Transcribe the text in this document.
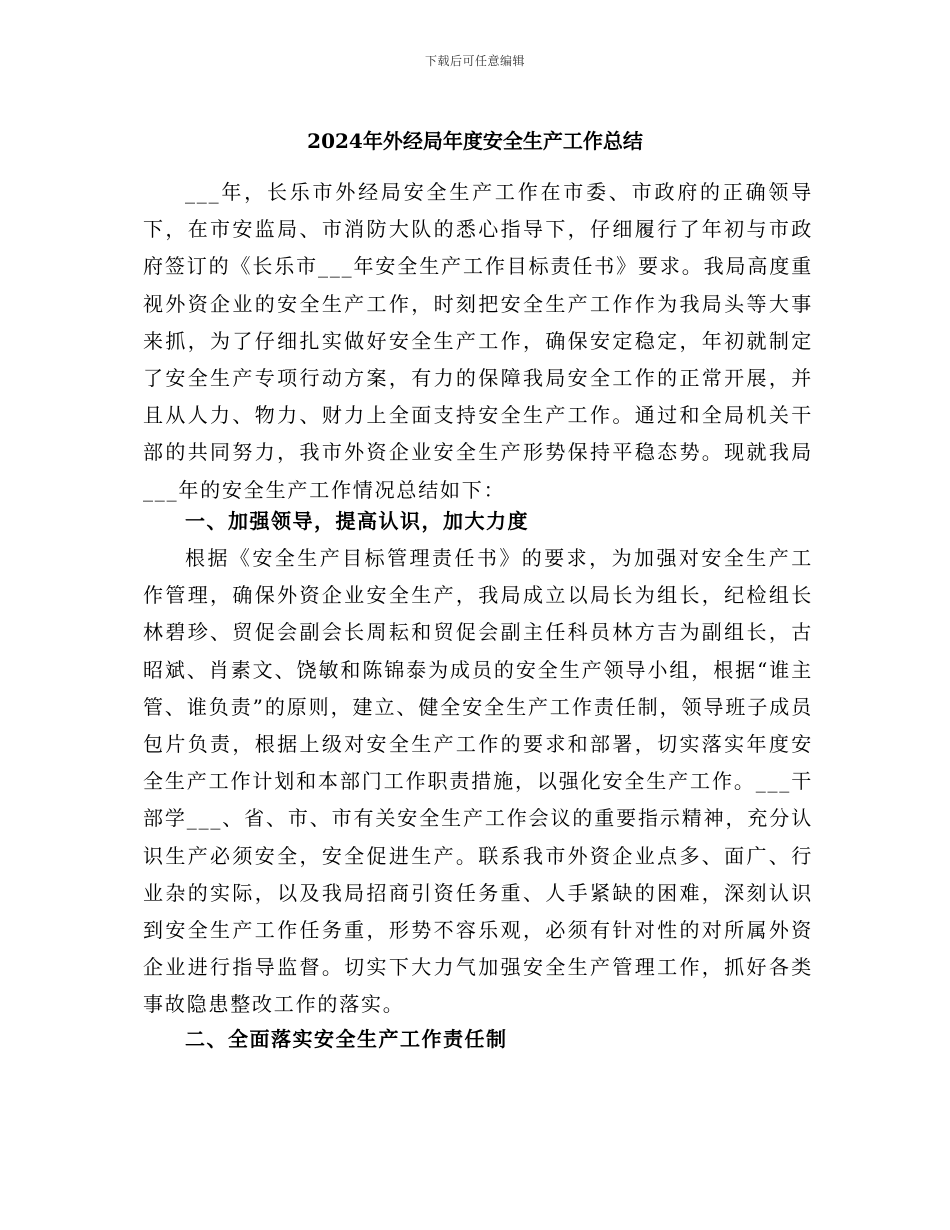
下载后可任意编辑
2024年外经局年度安全生产工作总结

___年，长乐市外经局安全生产工作在市委、市政府的正确领导下，在市安监局、市消防大队的悉心指导下，仔细履行了年初与市政府签订的《长乐市___年安全生产工作目标责任书》要求。我局高度重视外资企业的安全生产工作，时刻把安全生产工作作为我局头等大事来抓，为了仔细扎实做好安全生产工作，确保安定稳定，年初就制定了安全生产专项行动方案，有力的保障我局安全工作的正常开展，并且从人力、物力、财力上全面支持安全生产工作。通过和全局机关干部的共同努力，我市外资企业安全生产形势保持平稳态势。现就我局___年的安全生产工作情况总结如下：

一、加强领导，提高认识，加大力度

根据《安全生产目标管理责任书》的要求，为加强对安全生产工作管理，确保外资企业安全生产，我局成立以局长为组长，纪检组长林碧珍、贸促会副会长周耘和贸促会副主任科员林方吉为副组长，古昭斌、肖素文、饶敏和陈锦泰为成员的安全生产领导小组，根据“谁主管、谁负责”的原则，建立、健全安全生产工作责任制，领导班子成员包片负责，根据上级对安全生产工作的要求和部署，切实落实年度安全生产工作计划和本部门工作职责措施，以强化安全生产工作。___干部学___、省、市、市有关安全生产工作会议的重要指示精神，充分认识生产必须安全，安全促进生产。联系我市外资企业点多、面广、行业杂的实际，以及我局招商引资任务重、人手紧缺的困难，深刻认识到安全生产工作任务重，形势不容乐观，必须有针对性的对所属外资企业进行指导监督。切实下大力气加强安全生产管理工作，抓好各类事故隐患整改工作的落实。

二、全面落实安全生产工作责任制
